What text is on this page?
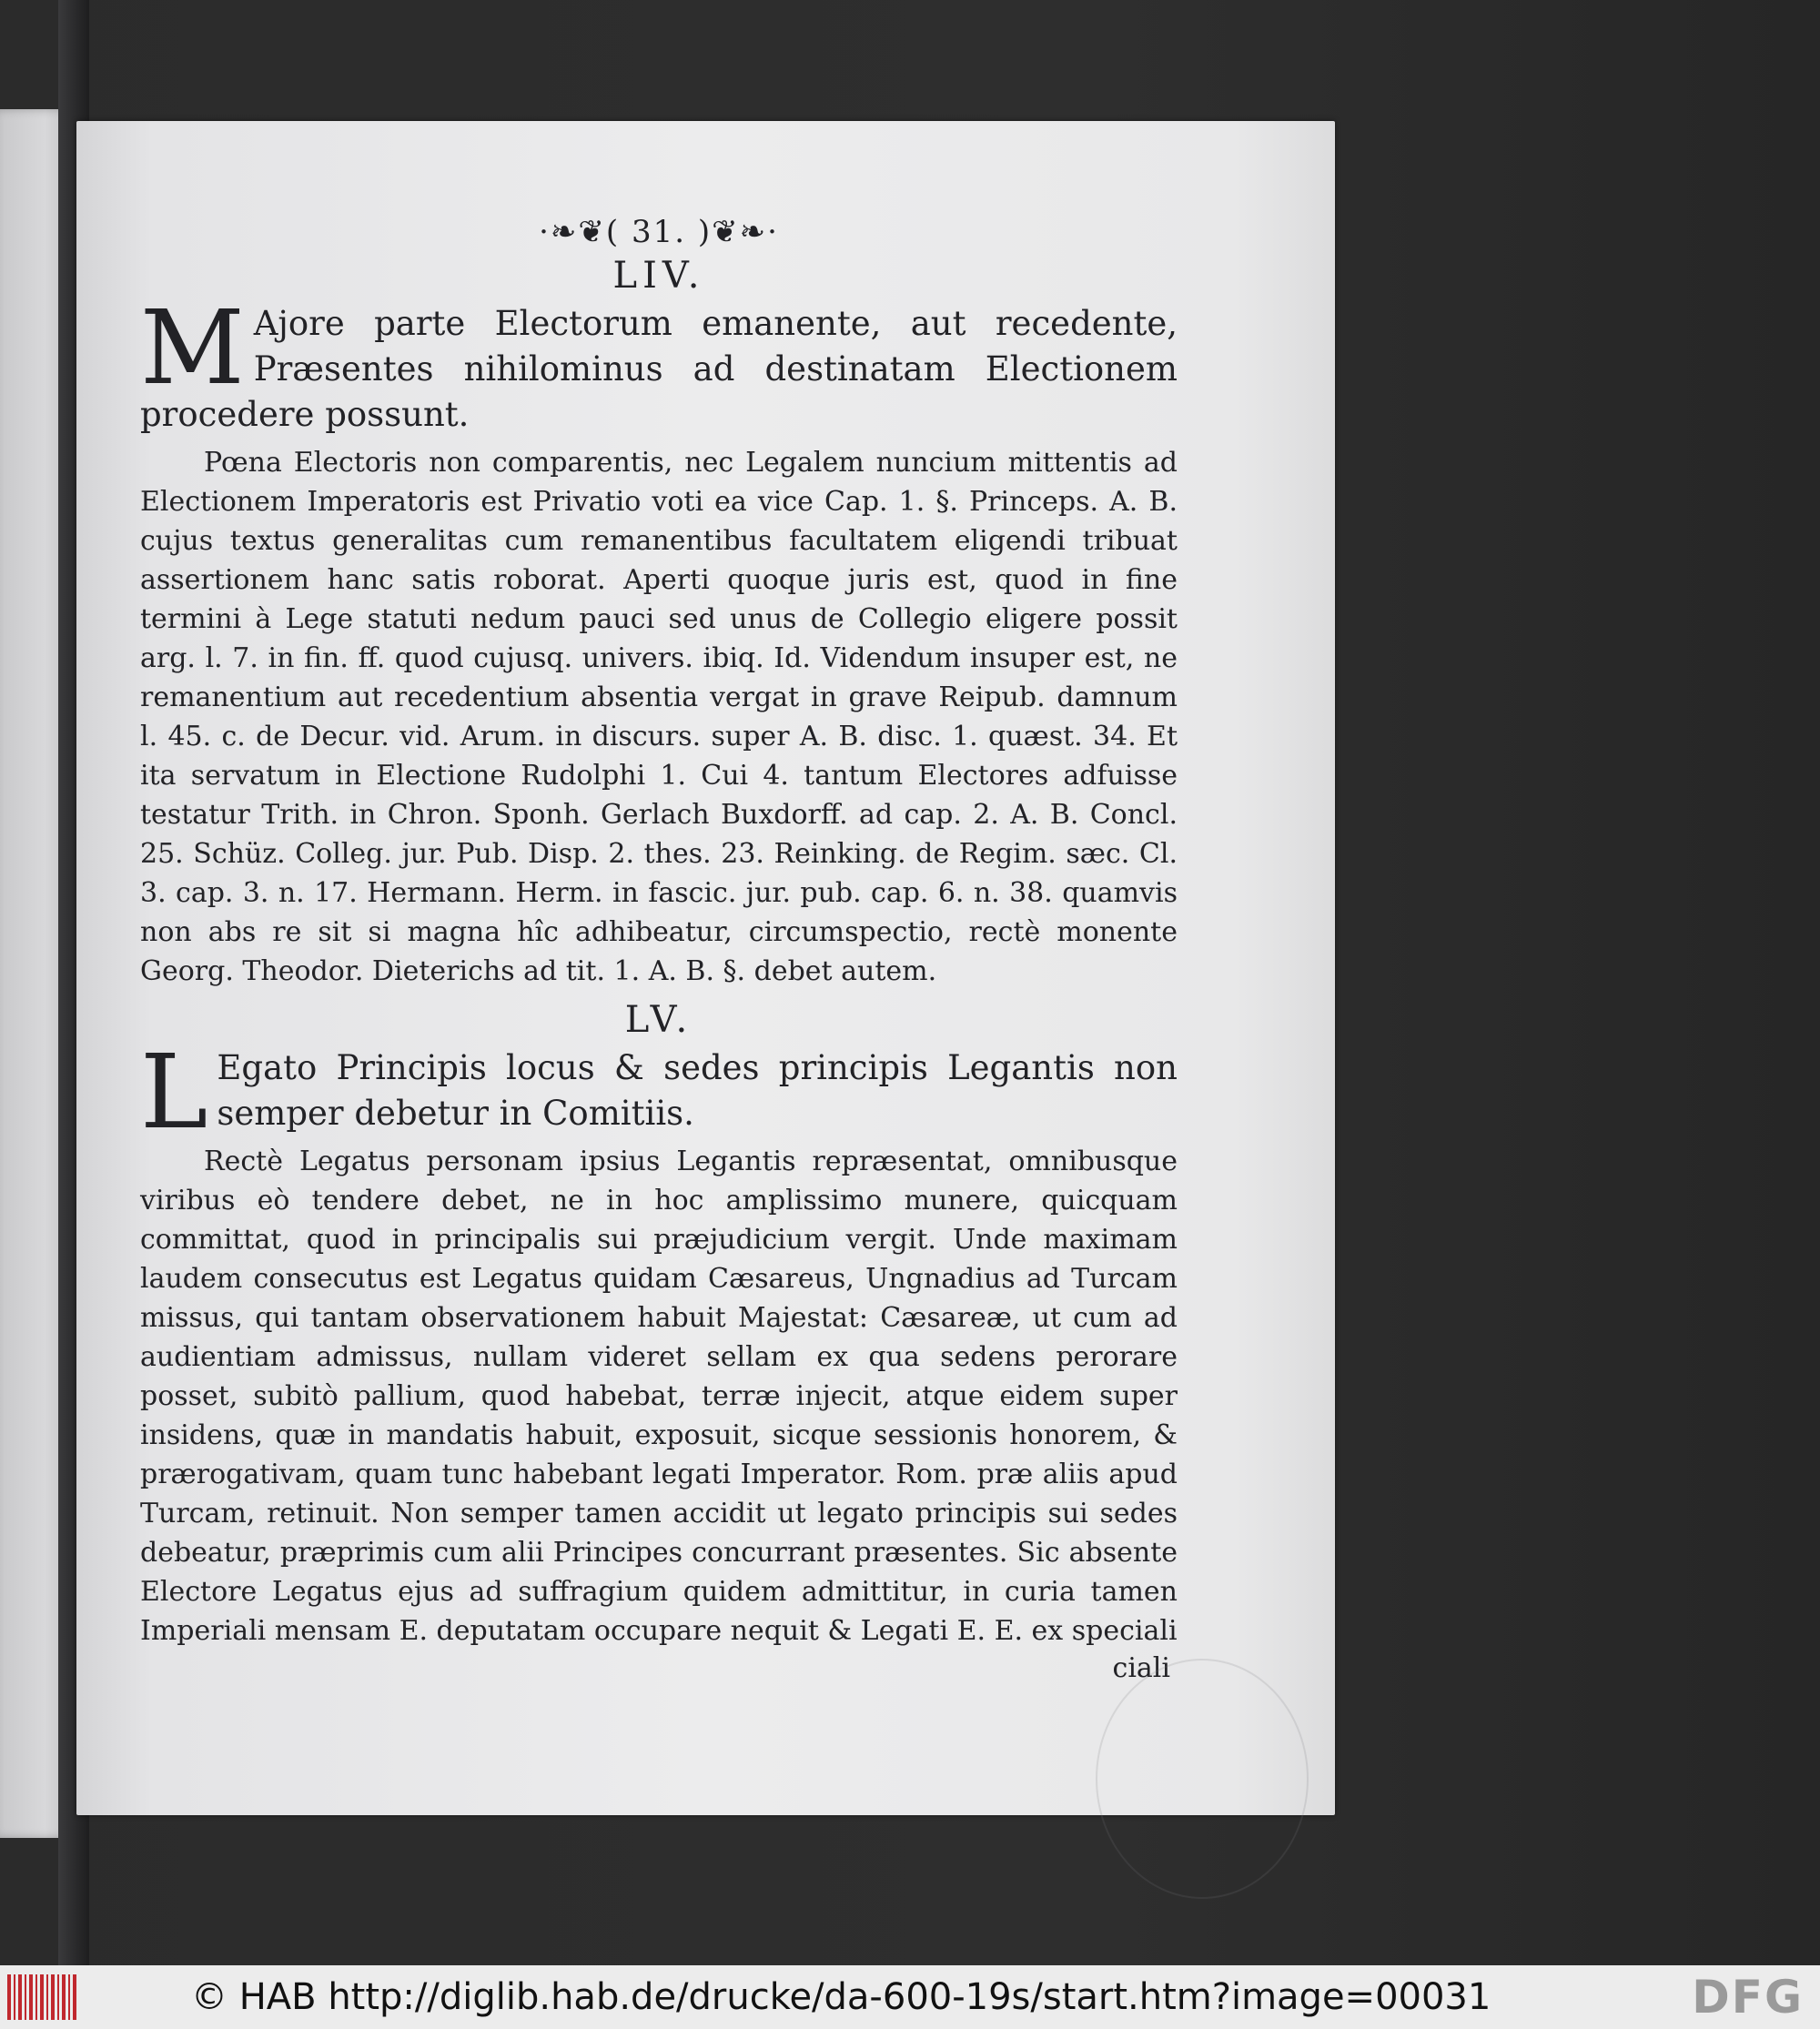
·❧❦( 31. )❦❧·
LIV.

M Ajore parte Electorum emanente, aut recedente, Præsentes nihilominus ad destinatam Electionem procedere possunt.

Pœna Electoris non comparentis, nec Legalem nuncium mittentis ad Electionem Imperatoris est Privatio voti ea vice Cap. 1. §. Princeps. A. B. cujus textus generalitas cum remanentibus facultatem eligendi tribuat assertionem hanc satis roborat. Aperti quoque juris est, quod in fine termini à Lege statuti nedum pauci sed unus de Collegio eligere possit arg. l. 7. in fin. ff. quod cujusq. univers. ibiq. Id. Videndum insuper est, ne remanentium aut recedentium absentia vergat in grave Reipub. damnum l. 45. c. de Decur. vid. Arum. in discurs. super A. B. disc. 1. quæst. 34. Et ita servatum in Electione Rudolphi 1. Cui 4. tantum Electores adfuisse testatur Trith. in Chron. Sponh. Gerlach Buxdorff. ad cap. 2. A. B. Concl. 25. Schüz. Colleg. jur. Pub. Disp. 2. thes. 23. Reinking. de Regim. sæc. Cl. 3. cap. 3. n. 17. Hermann. Herm. in fascic. jur. pub. cap. 6. n. 38. quamvis non abs re sit si magna hîc adhibeatur, circumspectio, rectè monente Georg. Theodor. Dieterichs ad tit. 1. A. B. §. debet autem.

LV.

L Egato Principis locus & sedes principis Legantis non semper debetur in Comitiis.

Rectè Legatus personam ipsius Legantis repræsentat, omnibusque viribus eò tendere debet, ne in hoc amplissimo munere, quicquam committat, quod in principalis sui præjudicium vergit. Unde maximam laudem consecutus est Legatus quidam Cæsareus, Ungnadius ad Turcam missus, qui tantam observationem habuit Majestat: Cæsareæ, ut cum ad audientiam admissus, nullam videret sellam ex qua sedens perorare posset, subitò pallium, quod habebat, terræ injecit, atque eidem super insidens, quæ in mandatis habuit, exposuit, sicque sessionis honorem, & prærogativam, quam tunc habebant legati Imperator. Rom. præ aliis apud Turcam, retinuit. Non semper tamen accidit ut legato principis sui sedes debeatur, præprimis cum alii Principes concurrant præsentes. Sic absente Electore Legatus ejus ad suffragium quidem admittitur, in curia tamen Imperiali mensam E. deputatam occupare nequit & Legati E. E. ex speciali

ciali

© HAB http://diglib.hab.de/drucke/da-600-19s/start.htm?image=00031	DFG
